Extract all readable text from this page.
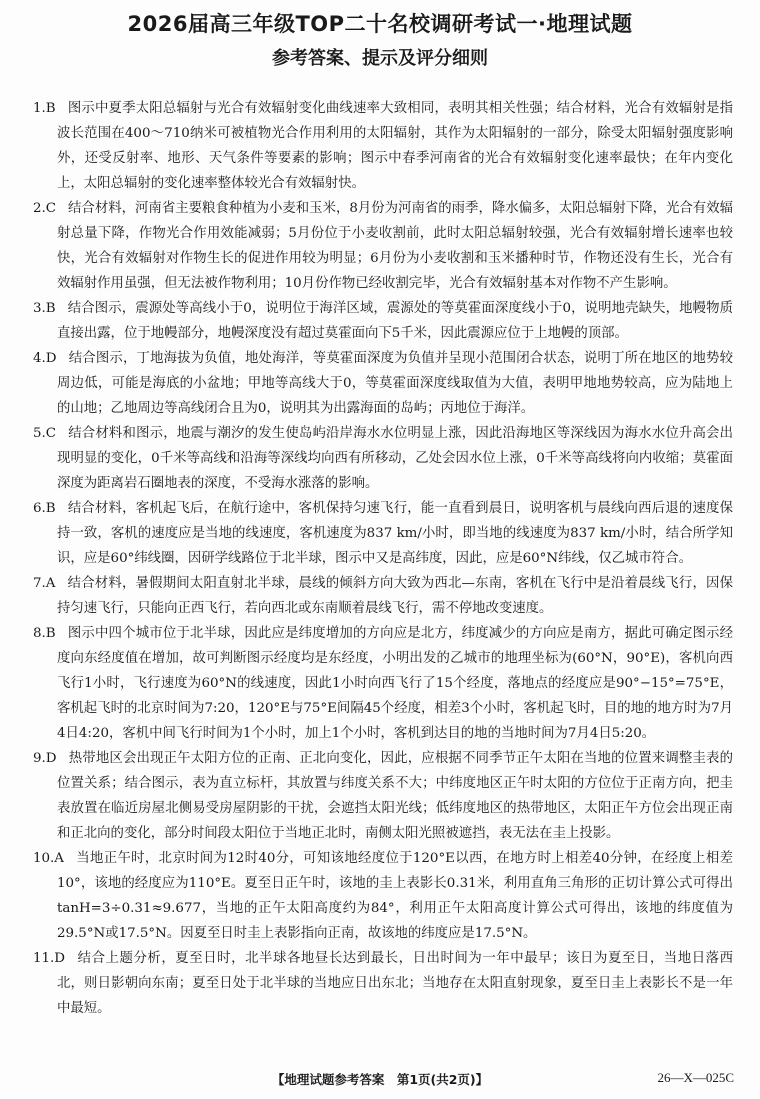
2026届高三年级TOP二十名校调研考试一·地理试题
参考答案、提示及评分细则

1.B 图示中夏季太阳总辐射与光合有效辐射变化曲线速率大致相同，表明其相关性强；结合材料，光合有效辐射是指波长范围在400～710纳米可被植物光合作用利用的太阳辐射，其作为太阳辐射的一部分，除受太阳辐射强度影响外，还受反射率、地形、天气条件等要素的影响；图示中春季河南省的光合有效辐射变化速率最快；在年内变化上，太阳总辐射的变化速率整体较光合有效辐射快。

2.C 结合材料，河南省主要粮食种植为小麦和玉米，8月份为河南省的雨季，降水偏多，太阳总辐射下降，光合有效辐射总量下降，作物光合作用效能减弱；5月份位于小麦收割前，此时太阳总辐射较强，光合有效辐射增长速率也较快，光合有效辐射对作物生长的促进作用较为明显；6月份为小麦收割和玉米播种时节，作物还没有生长，光合有效辐射作用虽强，但无法被作物利用；10月份作物已经收割完毕，光合有效辐射基本对作物不产生影响。

3.B 结合图示，震源处等高线小于0，说明位于海洋区域，震源处的等莫霍面深度线小于0，说明地壳缺失，地幔物质直接出露，位于地幔部分，地幔深度没有超过莫霍面向下5千米，因此震源应位于上地幔的顶部。

4.D 结合图示，丁地海拔为负值，地处海洋，等莫霍面深度为负值并呈现小范围闭合状态，说明丁所在地区的地势较周边低，可能是海底的小盆地；甲地等高线大于0，等莫霍面深度线取值为大值，表明甲地地势较高，应为陆地上的山地；乙地周边等高线闭合且为0，说明其为出露海面的岛屿；丙地位于海洋。

5.C 结合材料和图示，地震与潮汐的发生使岛屿沿岸海水水位明显上涨，因此沿海地区等深线因为海水水位升高会出现明显的变化，0千米等高线和沿海等深线均向西有所移动，乙处会因水位上涨，0千米等高线将向内收缩；莫霍面深度为距离岩石圈地表的深度，不受海水涨落的影响。

6.B 结合材料，客机起飞后，在航行途中，客机保持匀速飞行，能一直看到晨日，说明客机与晨线向西后退的速度保持一致，客机的速度应是当地的线速度，客机速度为837 km/小时，即当地的线速度为837 km/小时，结合所学知识，应是60°纬线圈，因研学线路位于北半球，图示中又是高纬度，因此，应是60°N纬线，仅乙城市符合。

7.A 结合材料，暑假期间太阳直射北半球，晨线的倾斜方向大致为西北—东南，客机在飞行中是沿着晨线飞行，因保持匀速飞行，只能向正西飞行，若向西北或东南顺着晨线飞行，需不停地改变速度。

8.B 图示中四个城市位于北半球，因此应是纬度增加的方向应是北方，纬度减少的方向应是南方，据此可确定图示经度向东经度值在增加，故可判断图示经度均是东经度，小明出发的乙城市的地理坐标为(60°N，90°E)，客机向西飞行1小时，飞行速度为60°N的线速度，因此1小时向西飞行了15个经度，落地点的经度应是90°−15°=75°E，客机起飞时的北京时间为7:20，120°E与75°E间隔45个经度，相差3个小时，客机起飞时，目的地的地方时为7月4日4:20，客机中间飞行时间为1个小时，加上1个小时，客机到达目的地的当地时间为7月4日5:20。

9.D 热带地区会出现正午太阳方位的正南、正北向变化，因此，应根据不同季节正午太阳在当地的位置来调整圭表的位置关系；结合图示，表为直立标杆，其放置与纬度关系不大；中纬度地区正午时太阳的方位位于正南方向，把圭表放置在临近房屋北侧易受房屋阴影的干扰，会遮挡太阳光线；低纬度地区的热带地区，太阳正午方位会出现正南和正北向的变化，部分时间段太阳位于当地正北时，南侧太阳光照被遮挡，表无法在圭上投影。

10.A 当地正午时，北京时间为12时40分，可知该地经度位于120°E以西，在地方时上相差40分钟，在经度上相差10°，该地的经度应为110°E。夏至日正午时，该地的圭上表影长0.31米，利用直角三角形的正切计算公式可得出 tanH=3÷0.31≈9.677，当地的正午太阳高度约为84°，利用正午太阳高度计算公式可得出，该地的纬度值为29.5°N或17.5°N。因夏至日时圭上表影指向正南，故该地的纬度应是17.5°N。

11.D 结合上题分析，夏至日时，北半球各地昼长达到最长，日出时间为一年中最早；该日为夏至日，当地日落西北，则日影朝向东南；夏至日处于北半球的当地应日出东北；当地存在太阳直射现象，夏至日圭上表影长不是一年中最短。

【地理试题参考答案　第1页(共2页)】	26—X—025C
